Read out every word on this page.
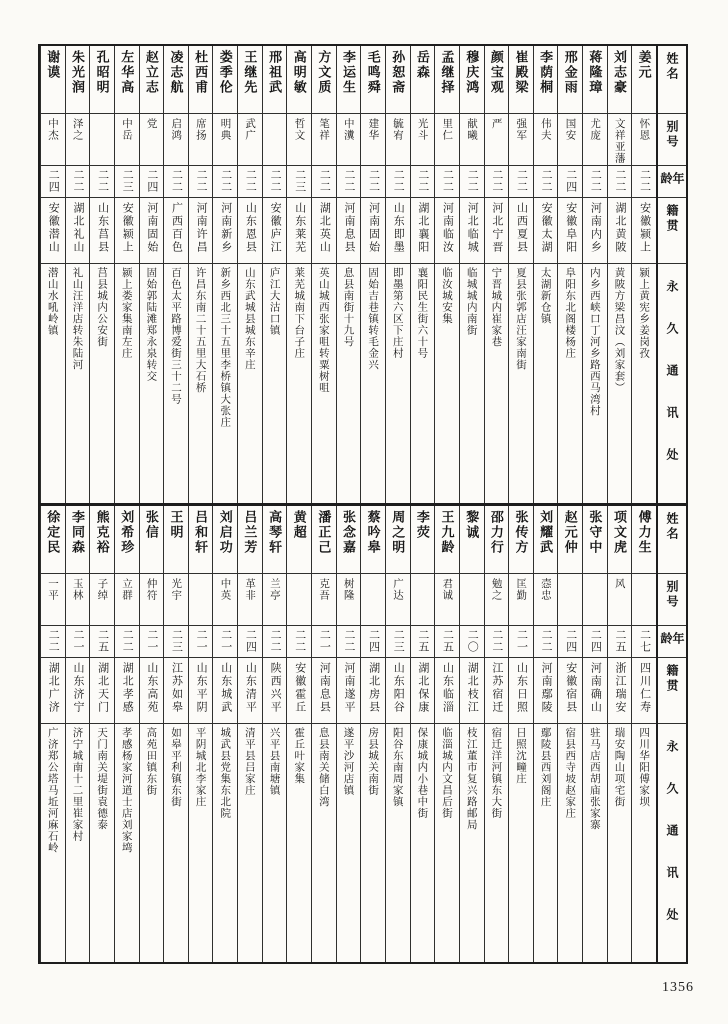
姓名
别号
年龄
籍贯
永久通讯处
姜元
怀恩
二二
安徽颍上
颍上黄宪乡姜岗孜
刘志豪
文祥亚藩
二二
湖北黄陂
黄陂方梁昌汶（刘家套）
蒋隆璋
尤庞
二二
河南内乡
内乡西峡口丁河乡路西马湾村
邢金雨
国安
二四
安徽阜阳
阜阳东北阁楼杨庄
李荫桐
伟夫
二二
安徽太湖
太湖新仓镇
崔殿梁
强军
二二
山西夏县
夏县张郭店汪家南街
颜宝观
严
二二
河北宁晋
宁晋城内崔家巷
穆庆鸿
献曦
二二
河北临城
临城城内南街
孟继择
里仁
二二
河南临汝
临汝城安集
岳森
光斗
二二
湖北襄阳
襄阳民生街六十号
孙恕斋
毓宥
二二
山东即墨
即墨第六区下庄村
毛鸣舜
建华
二二
河南固始
固始吉巷镇转毛金兴
李运生
中瀵
二二
河南息县
息县南街十九号
方文质
笔祥
二二
湖北英山
英山城西张家咀转粟树咀
高明敏
哲文
二三
山东莱芜
莱芜城南下台子庄
邢祖武
二二
安徽庐江
庐江大沽口镇
王继先
武广
二二
山东恩县
山东武城县城东辛庄
娄季伦
明典
二二
河南新乡
新乡西北三十五里李桥镇大张庄
杜西甫
席扬
二二
河南许昌
许昌东南二十五里大石桥
凌志航
启鸿
二二
广西百色
百色太平路博爱街三十二号
赵立志
党
二四
河南固始
固始郭陆滩郑永泉转交
左华高
中岳
二三
安徽颍上
颍上娄家集南左庄
孔昭明
二二
山东莒县
莒县城内公安街
朱光润
泽之
二二
湖北礼山
礼山汪洋店转朱陆河
谢谟
中杰
二四
安徽潜山
潜山水吼岭镇
姓名
别号
年龄
籍贯
永久通讯处
傅力生
二七
四川仁寿
四川华阳傅家坝
项文虎
风
二五
浙江瑞安
瑞安陶山项宅街
张守中
二四
河南确山
驻马店西胡庙张家寨
赵元仲
二四
安徽宿县
宿县西寺坡赵家庄
刘耀武
悫忠
二二
河南鄢陵
鄢陵县西刘阁庄
张传方
匡勤
二一
山东日照
日照沈疃庄
邵力行
勉之
二二
江苏宿迁
宿迁洋河镇东大街
黎诚
二〇
湖北枝江
枝江董市复兴路邮局
王九龄
君诚
二五
山东临淄
临淄城内文昌后街
李荧
二五
湖北保康
保康城内小巷中街
周之明
广达
二三
山东阳谷
阳谷东南周家镇
蔡吟皋
二四
湖北房县
房县城关南街
张念嘉
树隆
二二
河南遂平
遂平沙河店镇
潘正己
克吾
二一
河南息县
息县南关储白湾
黄超
二二
安徽霍丘
霍丘叶家集
高琴轩
兰亭
二二
陕西兴平
兴平县南塘镇
吕兰芳
革非
二四
山东清平
清平县吕家庄
刘启功
中英
二一
山东城武
城武县党集东北院
吕和轩
二一
山东平阴
平阴城北李家庄
王明
光宇
二三
江苏如皋
如皋平利镇东街
张信
仲符
二一
山东高苑
高苑田镇东街
刘希珍
立群
二二
湖北孝感
孝感杨家河道士店刘家塆
熊克裕
子绰
二五
湖北天门
天门南关堤街袁德泰
李同森
玉林
二一
山东济宁
济宁城南十二里崔家村
徐定民
一平
二二
湖北广济
广济郑公塔马坵河麻石岭
1356
